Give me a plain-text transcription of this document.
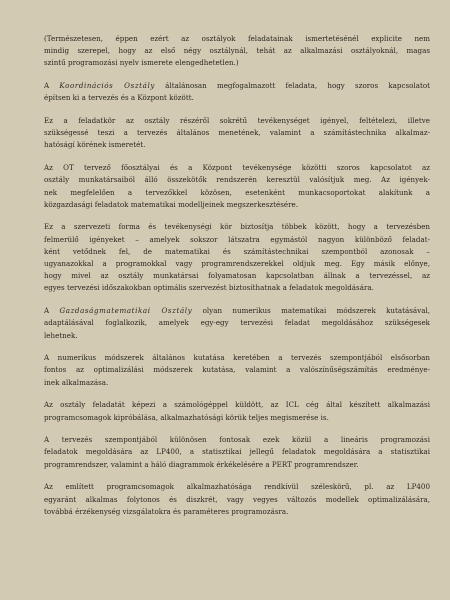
(Természetesen, éppen ezért az osztályok feladatainak ismertetésénél explicite nem
mindig szerepel, hogy az első négy osztálynál, tehát az alkalmazási osztályoknál, magas
szintű programozási nyelv ismerete elengedhetetlen.)

A Koordinációs Osztály általánosan megfogalmazott feladata, hogy szoros kapcsolatot
építsen ki a tervezés és a Központ között.

Ez a feladatkör az osztály részéről sokrétű tevékenységet igényel, feltételezi, illetve
szükségessé teszi a tervezés általános menetének, valamint a számítástechnika alkalmaz-
hatóságí körének ismeretét.

Az OT tervező főosztályai és a Központ tevékenysége közötti szoros kapcsolatot az
osztály munkatársaiból álló összekötők rendszerén keresztül valósítjuk meg. Az igények-
nek megfelelően a tervezőkkel közösen, esetenként munkacsoportokat alakítunk a
közgazdasági feladatok matematikai modelljeinek megszerkesztésére.

Ez a szervezeti forma és tevékenységi kör biztosítja többek között, hogy a tervezésben
felmerülő igényeket – amelyek sokszor látszatra egymástól nagyon különböző feladat-
ként vetődnek fel, de matematikai és számítástechnikai szempontból azonosak –
ugyanazokkal a programokkal vagy programrendszerekkel oldjuk meg. Egy másik előnye,
hogy mivel az osztály munkatársai folyamatosan kapcsolatban állnak a tervezéssel, az
egyes tervezési időszakokban optimális szervezést biztosíthatnak a feladatok megoldására.

A Gazdaságmatematikai Osztály olyan numerikus matematikai módszerek kutatásával,
adaptálásával foglalkozik, amelyek egy-egy tervezési feladat megoldásához szükségesek
lehetnek.

A numerikus módszerek általános kutatása keretében a tervezés szempontjából elsősorban
fontos az optimalizálási módszerek kutatása, valamint a valószínűségszámítás eredménye-
inek alkalmazása.

Az osztály feladatát képezi a számológéppel küldött, az ICL cég által készített alkalmazási
programcsomagok kipróbálása, alkalmazhatósági körük teljes megismerése is.

A tervezés szempontjából különösen fontosak ezek közül a lineáris programozási
feladatok megoldására az LP400, a statisztikai jellegű feladatok megoldására a statisztikai
programrendszer, valamint a háló diagrammok érkékelésére a PERT programrendszer.

Az említett programcsomagok alkalmazhatósága rendkívül széleskörű, pl. az LP400
egyaránt alkalmas folytonos és diszkrét, vagy vegyes változós modellek optimalizálására,
továbbá érzékenység vizsgálatokra és paraméteres programozásra.
